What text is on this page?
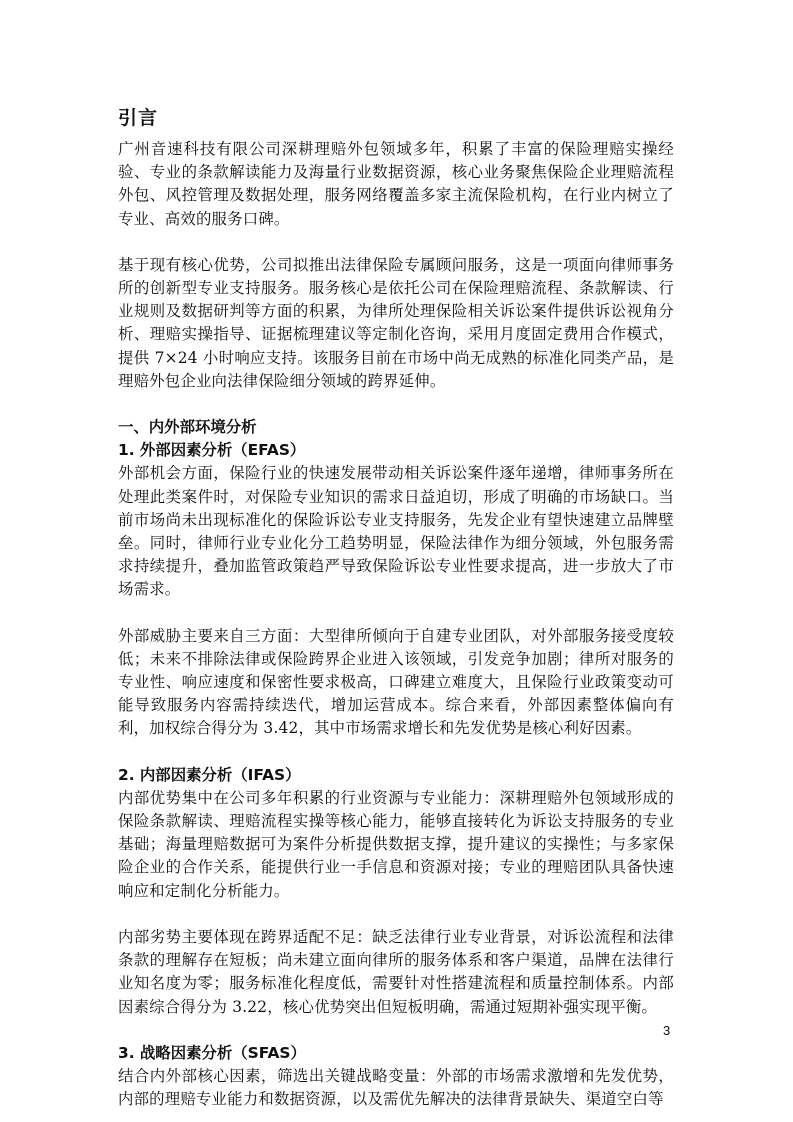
引言

广州音速科技有限公司深耕理赔外包领域多年，积累了丰富的保险理赔实操经验、专业的条款解读能力及海量行业数据资源，核心业务聚焦保险企业理赔流程外包、风控管理及数据处理，服务网络覆盖多家主流保险机构，在行业内树立了专业、高效的服务口碑。

基于现有核心优势，公司拟推出法律保险专属顾问服务，这是一项面向律师事务所的创新型专业支持服务。服务核心是依托公司在保险理赔流程、条款解读、行业规则及数据研判等方面的积累，为律所处理保险相关诉讼案件提供诉讼视角分析、理赔实操指导、证据梳理建议等定制化咨询，采用月度固定费用合作模式，提供 7×24 小时响应支持。该服务目前在市场中尚无成熟的标准化同类产品，是理赔外包企业向法律保险细分领域的跨界延伸。

一、内外部环境分析
1. 外部因素分析（EFAS）

外部机会方面，保险行业的快速发展带动相关诉讼案件逐年递增，律师事务所在处理此类案件时，对保险专业知识的需求日益迫切，形成了明确的市场缺口。当前市场尚未出现标准化的保险诉讼专业支持服务，先发企业有望快速建立品牌壁垒。同时，律师行业专业化分工趋势明显，保险法律作为细分领域，外包服务需求持续提升，叠加监管政策趋严导致保险诉讼专业性要求提高，进一步放大了市场需求。

外部威胁主要来自三方面：大型律所倾向于自建专业团队，对外部服务接受度较低；未来不排除法律或保险跨界企业进入该领域，引发竞争加剧；律所对服务的专业性、响应速度和保密性要求极高，口碑建立难度大，且保险行业政策变动可能导致服务内容需持续迭代，增加运营成本。综合来看，外部因素整体偏向有利，加权综合得分为 3.42，其中市场需求增长和先发优势是核心利好因素。

2. 内部因素分析（IFAS）

内部优势集中在公司多年积累的行业资源与专业能力：深耕理赔外包领域形成的保险条款解读、理赔流程实操等核心能力，能够直接转化为诉讼支持服务的专业基础；海量理赔数据可为案件分析提供数据支撑，提升建议的实操性；与多家保险企业的合作关系，能提供行业一手信息和资源对接；专业的理赔团队具备快速响应和定制化分析能力。

内部劣势主要体现在跨界适配不足：缺乏法律行业专业背景，对诉讼流程和法律条款的理解存在短板；尚未建立面向律所的服务体系和客户渠道，品牌在法律行业知名度为零；服务标准化程度低，需要针对性搭建流程和质量控制体系。内部因素综合得分为 3.22，核心优势突出但短板明确，需通过短期补强实现平衡。

3. 战略因素分析（SFAS）

结合内外部核心因素，筛选出关键战略变量：外部的市场需求激增和先发优势，内部的理赔专业能力和数据资源，以及需优先解决的法律背景缺失、渠道空白等

3
